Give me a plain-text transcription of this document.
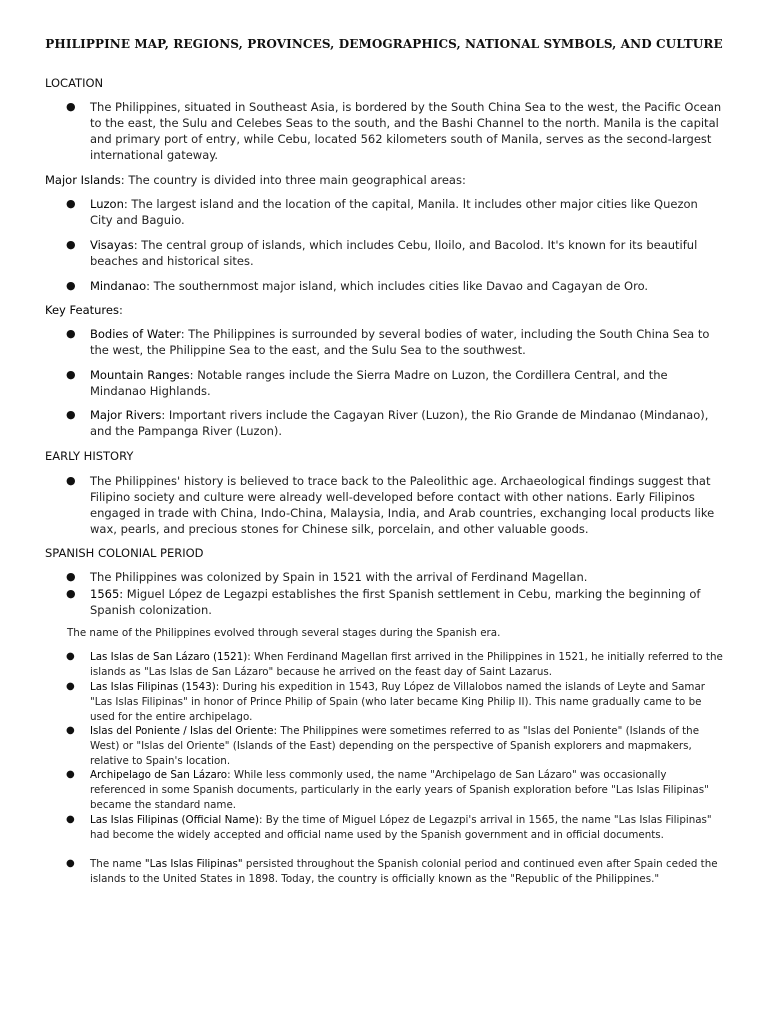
PHILIPPINE MAP, REGIONS, PROVINCES, DEMOGRAPHICS, NATIONAL SYMBOLS, AND CULTURE
LOCATION
● The Philippines, situated in Southeast Asia, is bordered by the South China Sea to the west, the Pacific Ocean to the east, the Sulu and Celebes Seas to the south, and the Bashi Channel to the north. Manila is the capital and primary port of entry, while Cebu, located 562 kilometers south of Manila, serves as the second-largest international gateway.
Major Islands: The country is divided into three main geographical areas:
● Luzon: The largest island and the location of the capital, Manila. It includes other major cities like Quezon City and Baguio.
● Visayas: The central group of islands, which includes Cebu, Iloilo, and Bacolod. It's known for its beautiful beaches and historical sites.
● Mindanao: The southernmost major island, which includes cities like Davao and Cagayan de Oro.
Key Features:
● Bodies of Water: The Philippines is surrounded by several bodies of water, including the South China Sea to the west, the Philippine Sea to the east, and the Sulu Sea to the southwest.
● Mountain Ranges: Notable ranges include the Sierra Madre on Luzon, the Cordillera Central, and the Mindanao Highlands.
● Major Rivers: Important rivers include the Cagayan River (Luzon), the Rio Grande de Mindanao (Mindanao), and the Pampanga River (Luzon).
EARLY HISTORY
● The Philippines' history is believed to trace back to the Paleolithic age. Archaeological findings suggest that Filipino society and culture were already well-developed before contact with other nations. Early Filipinos engaged in trade with China, Indo-China, Malaysia, India, and Arab countries, exchanging local products like wax, pearls, and precious stones for Chinese silk, porcelain, and other valuable goods.
SPANISH COLONIAL PERIOD
● The Philippines was colonized by Spain in 1521 with the arrival of Ferdinand Magellan.
● 1565: Miguel López de Legazpi establishes the first Spanish settlement in Cebu, marking the beginning of Spanish colonization.
The name of the Philippines evolved through several stages during the Spanish era.
● Las Islas de San Lázaro (1521): When Ferdinand Magellan first arrived in the Philippines in 1521, he initially referred to the islands as "Las Islas de San Lázaro" because he arrived on the feast day of Saint Lazarus.
● Las Islas Filipinas (1543): During his expedition in 1543, Ruy López de Villalobos named the islands of Leyte and Samar "Las Islas Filipinas" in honor of Prince Philip of Spain (who later became King Philip II). This name gradually came to be used for the entire archipelago.
● Islas del Poniente / Islas del Oriente: The Philippines were sometimes referred to as "Islas del Poniente" (Islands of the West) or "Islas del Oriente" (Islands of the East) depending on the perspective of Spanish explorers and mapmakers, relative to Spain's location.
● Archipelago de San Lázaro: While less commonly used, the name "Archipelago de San Lázaro" was occasionally referenced in some Spanish documents, particularly in the early years of Spanish exploration before "Las Islas Filipinas" became the standard name.
● Las Islas Filipinas (Official Name): By the time of Miguel López de Legazpi's arrival in 1565, the name "Las Islas Filipinas" had become the widely accepted and official name used by the Spanish government and in official documents.
● The name "Las Islas Filipinas" persisted throughout the Spanish colonial period and continued even after Spain ceded the islands to the United States in 1898. Today, the country is officially known as the "Republic of the Philippines."
